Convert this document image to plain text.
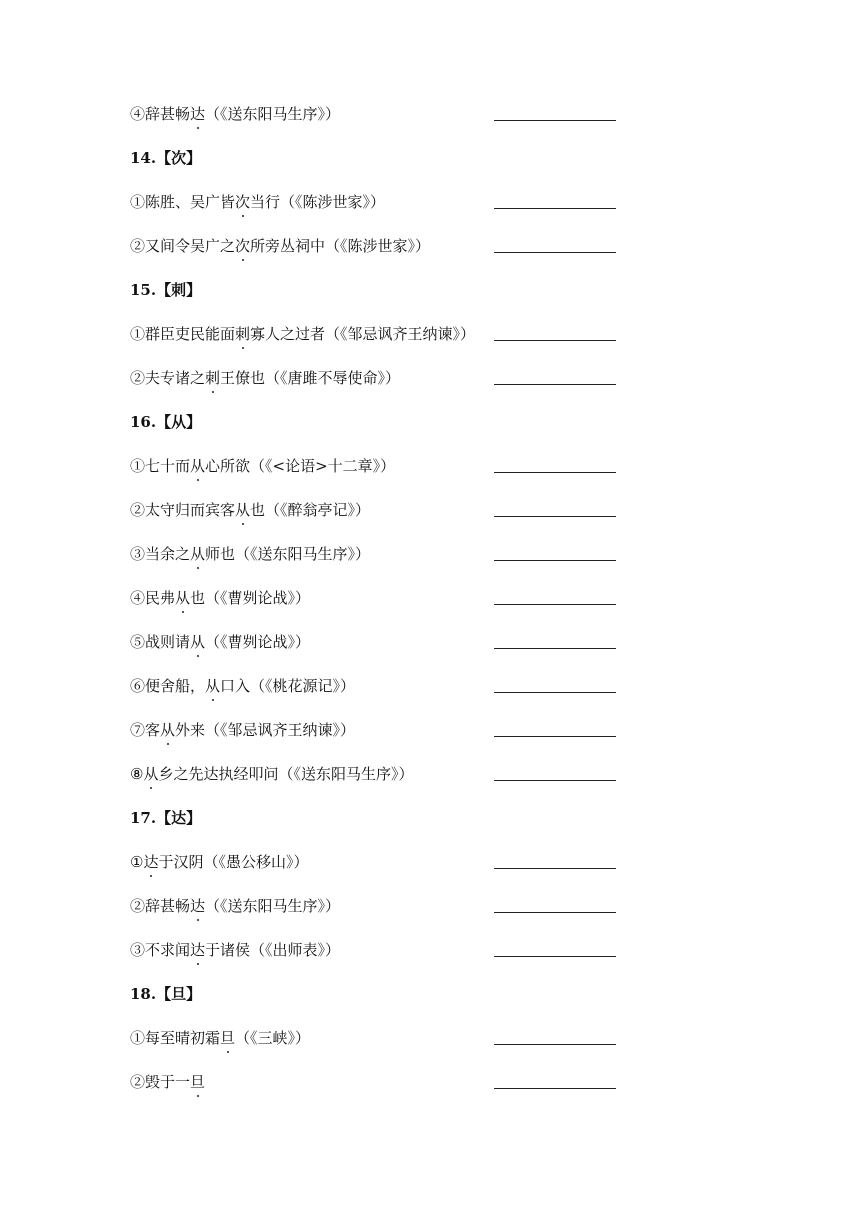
④辞甚畅达（《送东阳马生序》）
14.【次】
①陈胜、吴广皆次当行（《陈涉世家》）
②又间令吴广之次所旁丛祠中（《陈涉世家》）
15.【刺】
①群臣吏民能面刺寡人之过者（《邹忌讽齐王纳谏》）
②夫专诸之刺王僚也（《唐雎不辱使命》）
16.【从】
①七十而从心所欲（《<论语>十二章》）
②太守归而宾客从也（《醉翁亭记》）
③当余之从师也（《送东阳马生序》）
④民弗从也（《曹刿论战》）
⑤战则请从（《曹刿论战》）
⑥便舍船，从口入（《桃花源记》）
⑦客从外来（《邹忌讽齐王纳谏》）
⑧从乡之先达执经叩问（《送东阳马生序》）
17.【达】
①达于汉阴（《愚公移山》）
②辞甚畅达（《送东阳马生序》）
③不求闻达于诸侯（《出师表》）
18.【旦】
①每至晴初霜旦（《三峡》）
②毁于一旦
